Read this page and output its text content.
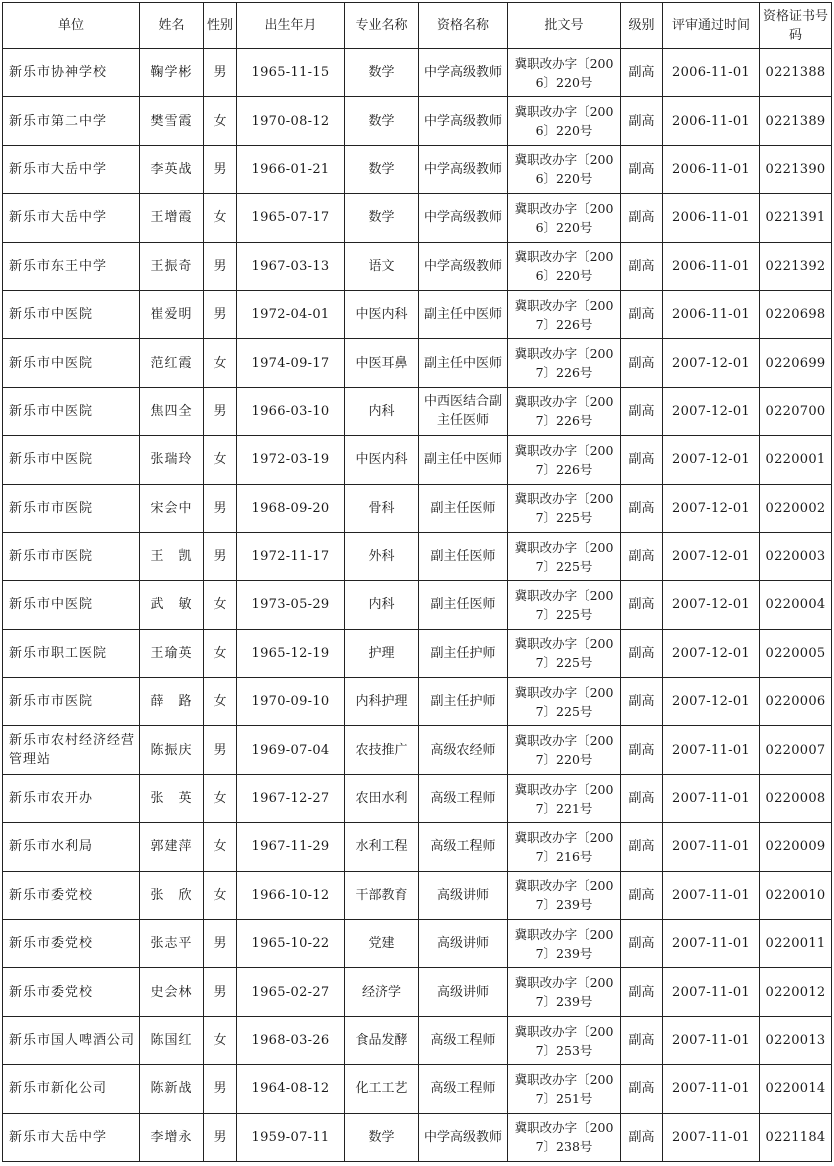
单位	姓名	性别	出生年月	专业名称	资格名称	批文号	级别	评审通过时间	资格证书号码

新乐市协神学校	鞠学彬	男	1965-11-15	数学	中学高级教师	冀职改办字〔2006〕220号	副高	2006-11-01	0221388

新乐市第二中学	樊雪霞	女	1970-08-12	数学	中学高级教师	冀职改办字〔2006〕220号	副高	2006-11-01	0221389

新乐市大岳中学	李英战	男	1966-01-21	数学	中学高级教师	冀职改办字〔2006〕220号	副高	2006-11-01	0221390

新乐市大岳中学	王增霞	女	1965-07-17	数学	中学高级教师	冀职改办字〔2006〕220号	副高	2006-11-01	0221391

新乐市东王中学	王振奇	男	1967-03-13	语文	中学高级教师	冀职改办字〔2006〕220号	副高	2006-11-01	0221392

新乐市中医院	崔爱明	男	1972-04-01	中医内科	副主任中医师	冀职改办字〔2007〕226号	副高	2006-11-01	0220698

新乐市中医院	范红霞	女	1974-09-17	中医耳鼻	副主任中医师	冀职改办字〔2007〕226号	副高	2007-12-01	0220699

新乐市中医院	焦四全	男	1966-03-10	内科	中西医结合副主任医师	冀职改办字〔2007〕226号	副高	2007-12-01	0220700

新乐市中医院	张瑞玲	女	1972-03-19	中医内科	副主任中医师	冀职改办字〔2007〕226号	副高	2007-12-01	0220001

新乐市市医院	宋会中	男	1968-09-20	骨科	副主任医师	冀职改办字〔2007〕225号	副高	2007-12-01	0220002

新乐市市医院	王　凯	男	1972-11-17	外科	副主任医师	冀职改办字〔2007〕225号	副高	2007-12-01	0220003

新乐市中医院	武　敏	女	1973-05-29	内科	副主任医师	冀职改办字〔2007〕225号	副高	2007-12-01	0220004

新乐市职工医院	王瑜英	女	1965-12-19	护理	副主任护师	冀职改办字〔2007〕225号	副高	2007-12-01	0220005

新乐市市医院	薛　路	女	1970-09-10	内科护理	副主任护师	冀职改办字〔2007〕225号	副高	2007-12-01	0220006

新乐市农村经济经营管理站	陈振庆	男	1969-07-04	农技推广	高级农经师	冀职改办字〔2007〕220号	副高	2007-11-01	0220007

新乐市农开办	张　英	女	1967-12-27	农田水利	高级工程师	冀职改办字〔2007〕221号	副高	2007-11-01	0220008

新乐市水利局	郭建萍	女	1967-11-29	水利工程	高级工程师	冀职改办字〔2007〕216号	副高	2007-11-01	0220009

新乐市委党校	张　欣	女	1966-10-12	干部教育	高级讲师	冀职改办字〔2007〕239号	副高	2007-11-01	0220010

新乐市委党校	张志平	男	1965-10-22	党建	高级讲师	冀职改办字〔2007〕239号	副高	2007-11-01	0220011

新乐市委党校	史会林	男	1965-02-27	经济学	高级讲师	冀职改办字〔2007〕239号	副高	2007-11-01	0220012

新乐市国人啤酒公司	陈国红	女	1968-03-26	食品发酵	高级工程师	冀职改办字〔2007〕253号	副高	2007-11-01	0220013

新乐市新化公司	陈新战	男	1964-08-12	化工工艺	高级工程师	冀职改办字〔2007〕251号	副高	2007-11-01	0220014

新乐市大岳中学	李增永	男	1959-07-11	数学	中学高级教师	冀职改办字〔2007〕238号	副高	2007-11-01	0221184
